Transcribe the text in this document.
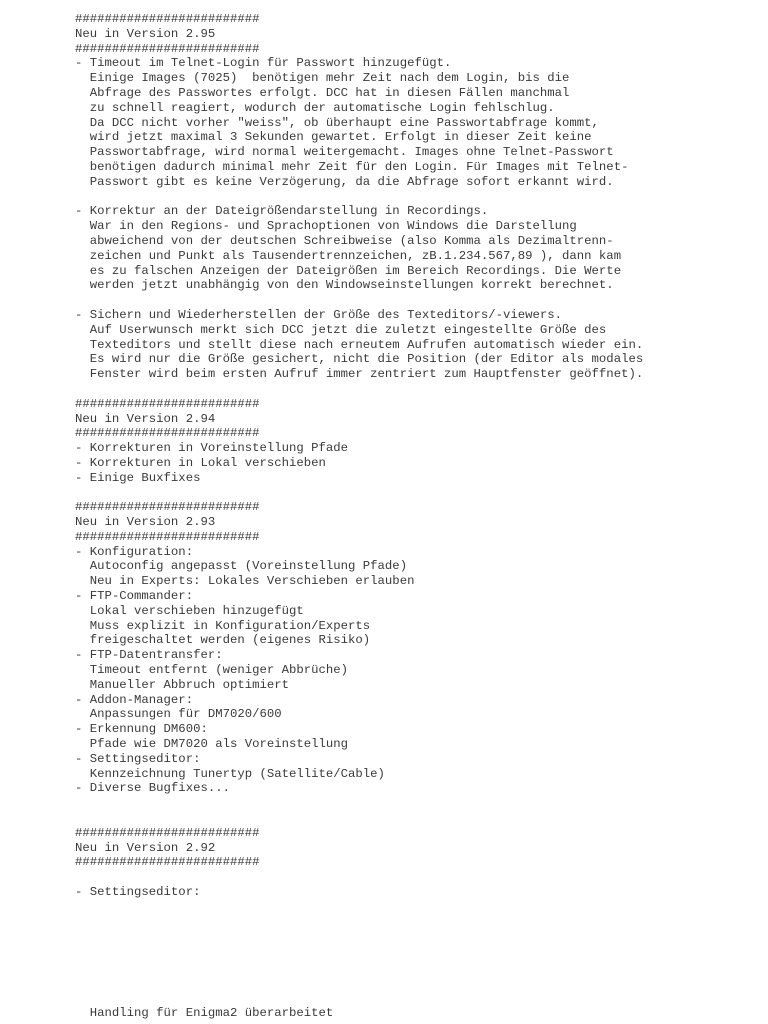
#########################
Neu in Version 2.95
#########################
- Timeout im Telnet-Login für Passwort hinzugefügt.
Einige Images (7025)  benötigen mehr Zeit nach dem Login, bis die
Abfrage des Passwortes erfolgt. DCC hat in diesen Fällen manchmal
zu schnell reagiert, wodurch der automatische Login fehlschlug.
Da DCC nicht vorher "weiss", ob überhaupt eine Passwortabfrage kommt,
wird jetzt maximal 3 Sekunden gewartet. Erfolgt in dieser Zeit keine
Passwortabfrage, wird normal weitergemacht. Images ohne Telnet-Passwort
benötigen dadurch minimal mehr Zeit für den Login. Für Images mit Telnet-
Passwort gibt es keine Verzögerung, da die Abfrage sofort erkannt wird.

- Korrektur an der Dateigrößendarstellung in Recordings.
War in den Regions- und Sprachoptionen von Windows die Darstellung
abweichend von der deutschen Schreibweise (also Komma als Dezimaltrenn-
zeichen und Punkt als Tausendertrennzeichen, zB.1.234.567,89 ), dann kam
es zu falschen Anzeigen der Dateigrößen im Bereich Recordings. Die Werte
werden jetzt unabhängig von den Windowseinstellungen korrekt berechnet.

- Sichern und Wiederherstellen der Größe des Texteditors/-viewers.
Auf Userwunsch merkt sich DCC jetzt die zuletzt eingestellte Größe des
Texteditors und stellt diese nach erneutem Aufrufen automatisch wieder ein.
Es wird nur die Größe gesichert, nicht die Position (der Editor als modales
Fenster wird beim ersten Aufruf immer zentriert zum Hauptfenster geöffnet).

#########################
Neu in Version 2.94
#########################
- Korrekturen in Voreinstellung Pfade
- Korrekturen in Lokal verschieben
- Einige Buxfixes

#########################
Neu in Version 2.93
#########################
- Konfiguration:
Autoconfig angepasst (Voreinstellung Pfade)
Neu in Experts: Lokales Verschieben erlauben
- FTP-Commander:
Lokal verschieben hinzugefügt
Muss explizit in Konfiguration/Experts
freigeschaltet werden (eigenes Risiko)
- FTP-Datentransfer:
Timeout entfernt (weniger Abbrüche)
Manueller Abbruch optimiert
- Addon-Manager:
Anpassungen für DM7020/600
- Erkennung DM600:
Pfade wie DM7020 als Voreinstellung
- Settingseditor:
Kennzeichnung Tunertyp (Satellite/Cable)
- Diverse Bugfixes...

#########################
Neu in Version 2.92
#########################

- Settingseditor:
Handling für Enigma2 überarbeitet
